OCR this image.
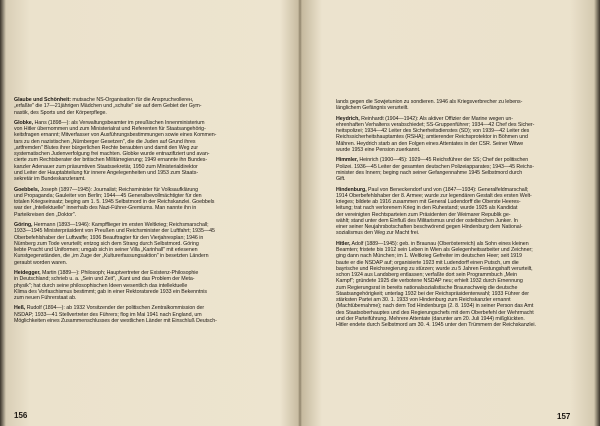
Glaube und Schönheit: mutsache NS-Organisation für die Anspruchvollerен,
„erfaßte" die 17—21jährigen Mädchen und „schulte" sie auf dem Gebiet der Gym-
nastik, des Sports und der Körperpflege.
Globke, Hans (1898—): als Verwaltungsbeamter im preußischen Innenministerium
von Hitler übernommen und zum Ministerialrat und Referenten für Staatsangehörig-
keitsfragen ernannt; Mitverfasser von Ausführungsbestimmungen sowie eines Kommen-
tars zu den nazistischen „Nürnberger Gesetzen", die die Juden auf Grund ihres
„artfremden" Blutes ihrer bürgerlichen Rechte beraubten und damit den Weg zur
systematischen Judenverfolgung frei machten. Globke wurde entnazifiziert und avan-
cierte zum Rechtsberater der britischen Militärregierung; 1949 ernannte ihn Bundes-
kanzler Adenauer zum präsumtiven Staatssekretär, 1950 zum Ministerialdirektor
und Leiter der Hauptabteilung für innere Angelegenheiten und 1953 zum Staats-
sekretär im Bundeskanzleramt.
Goebbels, Joseph (1897—1945): Journalist; Reichsminister für Volksaufklärung
und Propaganda; Gauleiter von Berlin; 1944—45 Generalbevollmächtigter für den
totalen Kriegseinsatz; beging am 1. 5. 1945 Selbstmord in der Reichskanzlei. Goebbels
war der „Intellektuelle" innerhalb des Nazi-Führer-Gremiums. Man nannte ihn in
Parteikreisen den „Doktor".
Göring, Hermann (1893—1946): Kampfflieger im ersten Weltkrieg; Reichsmarschall;
1933—1945 Ministerpräsident von Preußen und Reichsminister der Luftfahrt; 1935—45
Oberbefehlshaber der Luftwaffe; 1936 Beauftragter für den Vierjahresplan; 1946 in
Nürnberg zum Tode verurteilt; entzog sich dem Strang durch Selbstmord. Göring
liebte Pracht und Uniformen; umgab sich in seiner Villa „Karinhall" mit erlesenen
Kunstgegenständen, die „im Zuge der „Kulturerfassungsaktion" in besetzten Ländern
geraubt worden waren.
Heidegger, Martin (1889—): Philosoph; Hauptvertreter der Existenz-Philosophie
in Deutschland; schrieb u. a. „Sein und Zeit", „Kant und das Problem der Meta-
physik"; hat durch seine philosophischen Ideen wesentlich das intellektuelle
Klima des Vorfaschismus bestimmt; gab in einer Rektoratsrede 1933 ein Bekenntnis
zum neuen Führerstaat ab.
Heß, Rudolf (1894—): ab 1932 Vorsitzender der politischen Zentralkommission der
NSDAP; 1933—41 Stellvertreter des Führers; flog im Mai 1941 nach England, um
Möglichkeiten eines Zusammenschlusses der westlichen Länder mit Einschluß Deutsch-
156
lands gegen die Sowjetunion zu sondieren. 1946 als Kriegsverbrecher zu lebens-
länglichem Gefängnis verurteilt.
Heydrich, Reinhardt (1904—1942): Als aktiver Offizier der Marine wegen un-
ehrenhaften Verhaltens verabschiedet; SS-Gruppenführer; 1934—42 Chef des Sicher-
heitspolizei; 1934—42 Leiter des Sicherheitsdienstes (SD); von 1939—42 Leiter des
Reichssicherheitshauptamtes (RSHA); amtierender Reichsprotektor in Böhmen und
Mähren. Heydrich starb an den Folgen eines Attentates in der CSR. Seiner Witwe
wurde 1953 eine Pension zuerkannt.
Himmler, Heinrich (1900—45): 1929—45 Reichsführer der SS; Chef der politischen
Polizei. 1936—45 Leiter der gesamten deutschen Polizeiapparates; 1943—45 Reichs-
minister des Innern; beging nach seiner Gefangennahme 1945 Selbstmord durch
Gift.
Hindenburg, Paul von Beneckendorf und von (1847—1934): Generalfeldmarschall;
1914 Oberbefehlshaber der 8. Armee; wurde zur legendären Gestalt des ersten Welt-
krieges; bildete ab 1916 zusammen mit General Ludendorff die Oberste Heeres-
leitung; trat nach verlorenem Krieg in den Ruhestand; wurde 1925 als Kandidat
der vereinigten Rechtsparteien zum Präsidenten der Weimarer Republik ge-
wählt; stand unter dem Einfluß des Militarismus und der ostelbischen Junker. In
einer seiner Neujahrsbotschaften beschwörend gegen Hindenburg dem National-
sozialismus den Weg zur Macht frei.
Hitler, Adolf (1889—1945): geb. in Braunau (Oberösterreich) als Sohn eines kleinen
Beamten; fristete bis 1912 sein Leben in Wien als Gelegenheitsarbeiter und Zeichner;
ging dann nach München; im 1. Weltkrieg Gefreiter im deutschen Heer; seit 1919
baute er die NSDAP auf; organisierte 1923 mit Ludendorff einen Putsch, um die
bayrische und Reichsregierung zu stürzen; wurde zu 5 Jahren Festungshaft verurteilt,
schon 1924 aus Landsberg entlassen; verfaßte dort sein Programmbuch „Mein
Kampf"; gründete 1925 die verbotene NSDAP neu; erhielt 1932 durch Ernennung
zum Regierungsrat in bereits nationalsozialistische Braunschweig die deutsche
Staatsangehörigkeit; unterlag 1932 bei der Reichspräsidentenwahl; 1933 Führer der
stärksten Partei am 30. 1. 1933 von Hindenburg zum Reichskanzler ernannt
(Machtübernahme); nach dem Tod Hindenburgs (2. 8. 1934) in seiner Person das Amt
des Staatsoberhauptes und des Regierungschefs mit dem Oberbefehl der Wehrmacht
und der Parteiführung. Mehrere Attentate (darunter am 20. Juli 1944) mißglückten.
Hitler endete durch Selbstmord am 30. 4. 1945 unter den Trümmern der Reichskanzlei.
157
